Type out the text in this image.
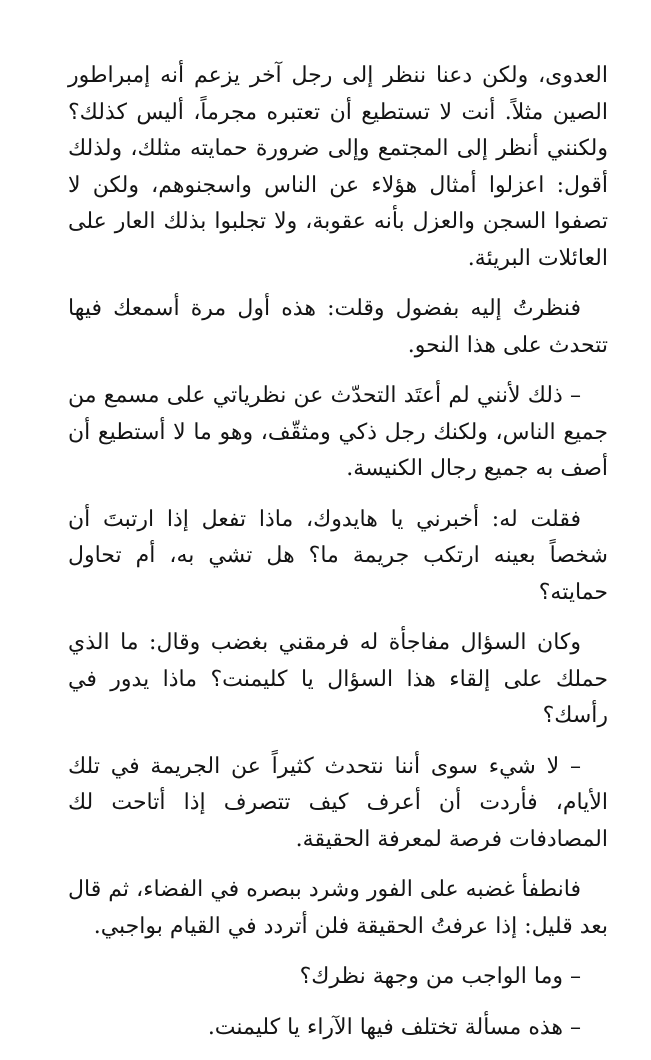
العدوى، ولكن دعنا ننظر إلى رجل آخر يزعم أنه إمبراطور الصين مثلاً. أنت لا تستطيع أن تعتبره مجرماً، أليس كذلك؟ ولكنني أنظر إلى المجتمع وإلى ضرورة حمايته مثلك، ولذلك أقول: اعزلوا أمثال هؤلاء عن الناس واسجنوهم، ولكن لا تصفوا السجن والعزل بأنه عقوبة، ولا تجلبوا بذلك العار على العائلات البريئة.

فنظرتُ إليه بفضول وقلت: هذه أول مرة أسمعك فيها تتحدث على هذا النحو.

– ذلك لأنني لم أعتَد التحدّث عن نظرياتي على مسمع من جميع الناس، ولكنك رجل ذكي ومثقّف، وهو ما لا أستطيع أن أصف به جميع رجال الكنيسة.

فقلت له: أخبرني يا هايدوك، ماذا تفعل إذا ارتبتَ أن شخصاً بعينه ارتكب جريمة ما؟ هل تشي به، أم تحاول حمايته؟

وكان السؤال مفاجأة له فرمقني بغضب وقال: ما الذي حملك على إلقاء هذا السؤال يا كليمنت؟ ماذا يدور في رأسك؟

– لا شيء سوى أننا نتحدث كثيراً عن الجريمة في تلك الأيام، فأردت أن أعرف كيف تتصرف إذا أتاحت لك المصادفات فرصة لمعرفة الحقيقة.

فانطفأ غضبه على الفور وشرد ببصره في الفضاء، ثم قال بعد قليل: إذا عرفتُ الحقيقة فلن أتردد في القيام بواجبي.

– وما الواجب من وجهة نظرك؟

– هذه مسألة تختلف فيها الآراء يا كليمنت.
